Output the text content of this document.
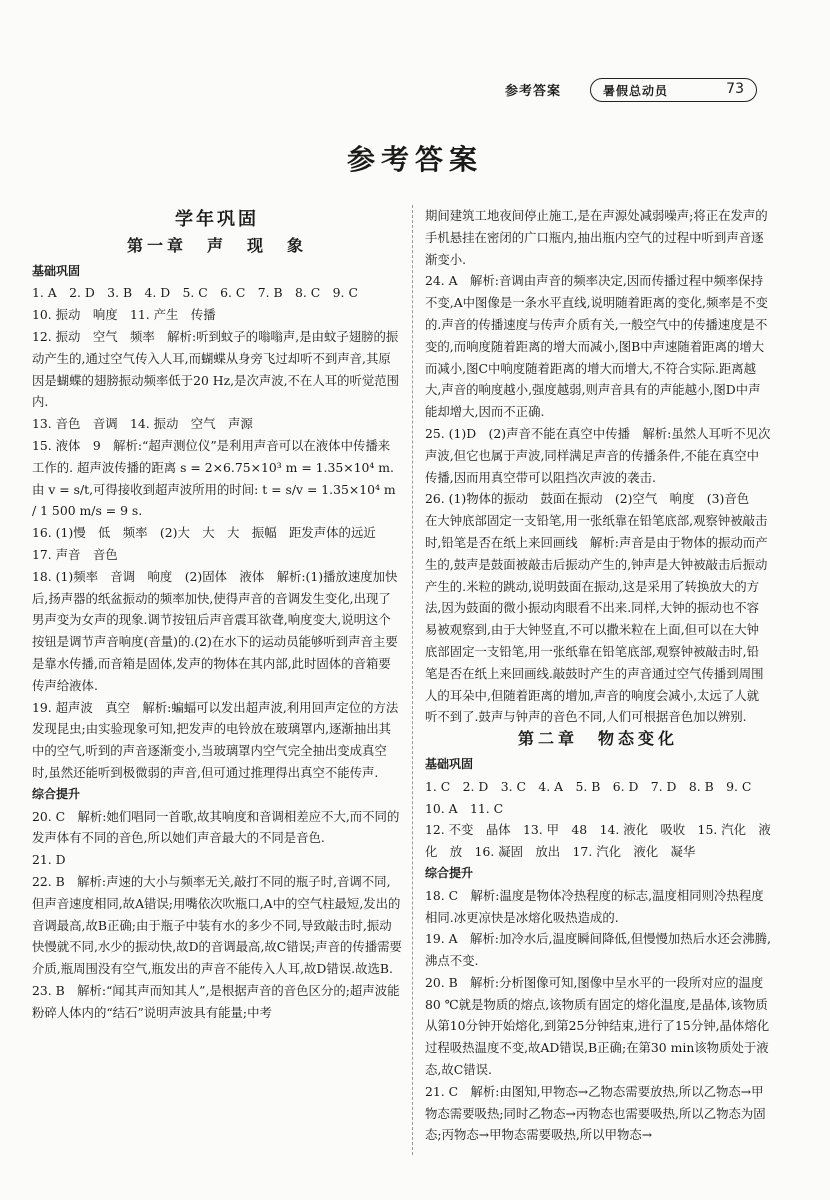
参考答案	暑假总动员	73
参考答案
学年巩固
第一章　声　现　象
基础巩固
1. A　2. D　3. B　4. D　5. C　6. C　7. B　8. C　9. C
10. 振动　响度　11. 产生　传播
12. 振动　空气　频率　解析:听到蚊子的嗡嗡声,是由蚊子翅膀的振动产生的,通过空气传入人耳,而蝴蝶从身旁飞过却听不到声音,其原因是蝴蝶的翅膀振动频率低于20 Hz,是次声波,不在人耳的听觉范围内.
13. 音色　音调　14. 振动　空气　声源
15. 液体　9　解析:“超声测位仪”是利用声音可以在液体中传播来工作的. 超声波传播的距离 s = 2×6.75×10³ m = 1.35×10⁴ m.由 v = s/t,可得接收到超声波所用的时间: t = s/v = 1.35×10⁴ m / 1 500 m/s = 9 s.
16. (1)慢　低　频率　(2)大　大　大　振幅　距发声体的远近
17. 声音　音色
18. (1)频率　音调　响度　(2)固体　液体　解析:(1)播放速度加快后,扬声器的纸盆振动的频率加快,使得声音的音调发生变化,出现了男声变为女声的现象.调节按钮后声音震耳欲聋,响度变大,说明这个按钮是调节声音响度(音量)的.(2)在水下的运动员能够听到声音主要是靠水传播,而音箱是固体,发声的物体在其内部,此时固体的音箱要传声给液体.
19. 超声波　真空　解析:蝙蝠可以发出超声波,利用回声定位的方法发现昆虫;由实验现象可知,把发声的电铃放在玻璃罩内,逐渐抽出其中的空气,听到的声音逐渐变小,当玻璃罩内空气完全抽出变成真空时,虽然还能听到极微弱的声音,但可通过推理得出真空不能传声.
综合提升
20. C　解析:她们唱同一首歌,故其响度和音调相差应不大,而不同的发声体有不同的音色,所以她们声音最大的不同是音色.
21. D
22. B　解析:声速的大小与频率无关,敲打不同的瓶子时,音调不同,但声音速度相同,故A错误;用嘴依次吹瓶口,A中的空气柱最短,发出的音调最高,故B正确;由于瓶子中装有水的多少不同,导致敲击时,振动快慢就不同,水少的振动快,故D的音调最高,故C错误;声音的传播需要介质,瓶周围没有空气,瓶发出的声音不能传入人耳,故D错误.故选B.
23. B　解析:“闻其声而知其人”,是根据声音的音色区分的;超声波能粉碎人体内的“结石”说明声波具有能量;中考
期间建筑工地夜间停止施工,是在声源处减弱噪声;将正在发声的手机悬挂在密闭的广口瓶内,抽出瓶内空气的过程中听到声音逐渐变小.
24. A　解析:音调由声音的频率决定,因而传播过程中频率保持不变,A中图像是一条水平直线,说明随着距离的变化,频率是不变的.声音的传播速度与传声介质有关,一般空气中的传播速度是不变的,而响度随着距离的增大而减小,图B中声速随着距离的增大而减小,图C中响度随着距离的增大而增大,不符合实际.距离越大,声音的响度越小,强度越弱,则声音具有的声能越小,图D中声能却增大,因而不正确.
25. (1)D　(2)声音不能在真空中传播　解析:虽然人耳听不见次声波,但它也属于声波,同样满足声音的传播条件,不能在真空中传播,因而用真空带可以阻挡次声波的袭击.
26. (1)物体的振动　鼓面在振动　(2)空气　响度　(3)音色　在大钟底部固定一支铅笔,用一张纸靠在铅笔底部,观察钟被敲击时,铅笔是否在纸上来回画线　解析:声音是由于物体的振动而产生的,鼓声是鼓面被敲击后振动产生的,钟声是大钟被敲击后振动产生的.米粒的跳动,说明鼓面在振动,这是采用了转换放大的方法,因为鼓面的微小振动肉眼看不出来.同样,大钟的振动也不容易被观察到,由于大钟竖直,不可以撒米粒在上面,但可以在大钟底部固定一支铅笔,用一张纸靠在铅笔底部,观察钟被敲击时,铅笔是否在纸上来回画线.敲鼓时产生的声音通过空气传播到周围人的耳朵中,但随着距离的增加,声音的响度会减小,太远了人就听不到了.鼓声与钟声的音色不同,人们可根据音色加以辨别.
第二章　物态变化
基础巩固
1. C　2. D　3. C　4. A　5. B　6. D　7. D　8. B　9. C
10. A　11. C
12. 不变　晶体　13. 甲　48　14. 液化　吸收　15. 汽化　液化　放　16. 凝固　放出　17. 汽化　液化　凝华
综合提升
18. C　解析:温度是物体冷热程度的标志,温度相同则冷热程度相同.冰更凉快是冰熔化吸热造成的.
19. A　解析:加冷水后,温度瞬间降低,但慢慢加热后水还会沸腾,沸点不变.
20. B　解析:分析图像可知,图像中呈水平的一段所对应的温度80 ℃就是物质的熔点,该物质有固定的熔化温度,是晶体,该物质从第10分钟开始熔化,到第25分钟结束,进行了15分钟,晶体熔化过程吸热温度不变,故AD错误,B正确;在第30 min该物质处于液态,故C错误.
21. C　解析:由图知,甲物态→乙物态需要放热,所以乙物态→甲物态需要吸热;同时乙物态→丙物态也需要吸热,所以乙物态为固态;丙物态→甲物态需要吸热,所以甲物态→
